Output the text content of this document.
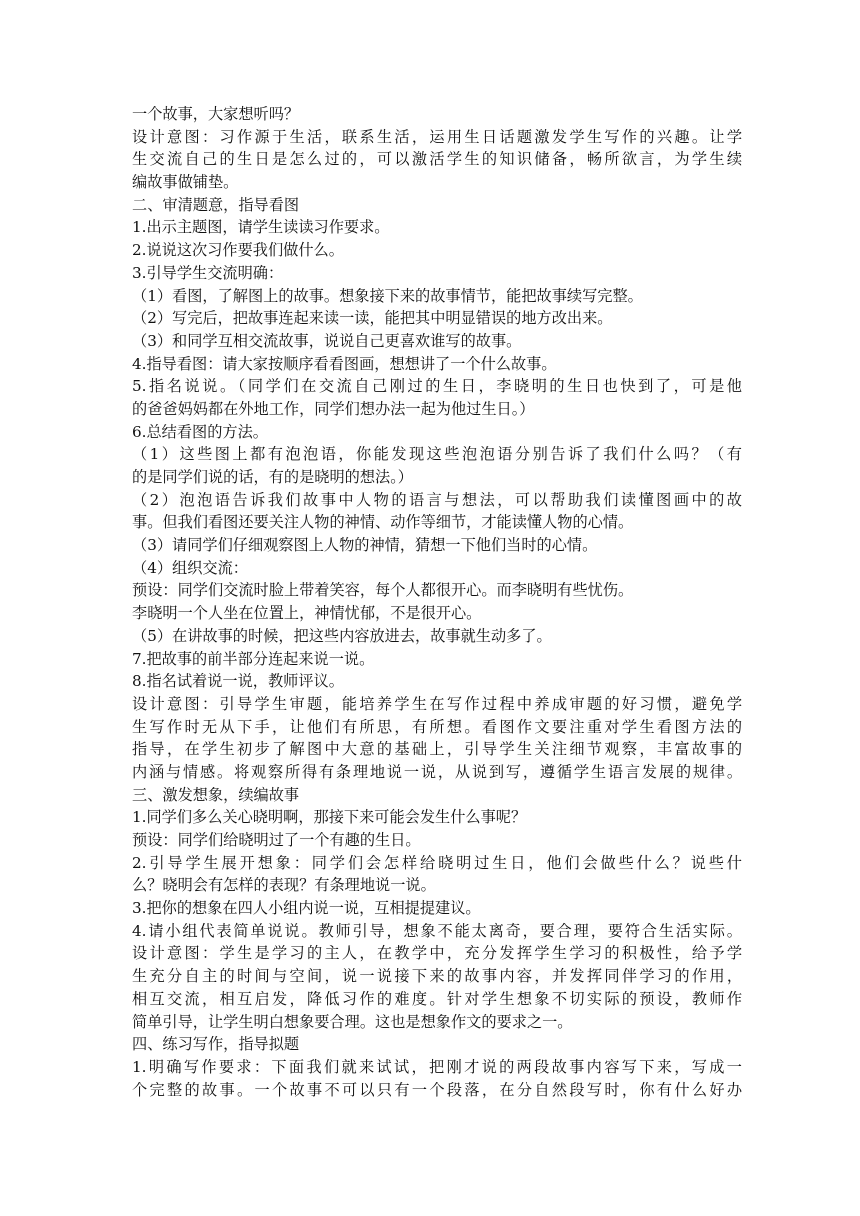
一个故事，大家想听吗？
设计意图：习作源于生活，联系生活，运用生日话题激发学生写作的兴趣。让学
生交流自己的生日是怎么过的，可以激活学生的知识储备，畅所欲言，为学生续
编故事做铺垫。
二、审清题意，指导看图
1.出示主题图，请学生读读习作要求。
2.说说这次习作要我们做什么。
3.引导学生交流明确：
（1）看图，了解图上的故事。想象接下来的故事情节，能把故事续写完整。
（2）写完后，把故事连起来读一读，能把其中明显错误的地方改出来。
（3）和同学互相交流故事，说说自己更喜欢谁写的故事。
4.指导看图：请大家按顺序看看图画，想想讲了一个什么故事。
5.指名说说。（同学们在交流自己刚过的生日，李晓明的生日也快到了，可是他
的爸爸妈妈都在外地工作，同学们想办法一起为他过生日。）
6.总结看图的方法。
（1）这些图上都有泡泡语，你能发现这些泡泡语分别告诉了我们什么吗？（有
的是同学们说的话，有的是晓明的想法。）
（2）泡泡语告诉我们故事中人物的语言与想法，可以帮助我们读懂图画中的故
事。但我们看图还要关注人物的神情、动作等细节，才能读懂人物的心情。
（3）请同学们仔细观察图上人物的神情，猜想一下他们当时的心情。
（4）组织交流：
预设：同学们交流时脸上带着笑容，每个人都很开心。而李晓明有些忧伤。
李晓明一个人坐在位置上，神情忧郁，不是很开心。
（5）在讲故事的时候，把这些内容放进去，故事就生动多了。
7.把故事的前半部分连起来说一说。
8.指名试着说一说，教师评议。
设计意图：引导学生审题，能培养学生在写作过程中养成审题的好习惯，避免学
生写作时无从下手，让他们有所思，有所想。看图作文要注重对学生看图方法的
指导，在学生初步了解图中大意的基础上，引导学生关注细节观察，丰富故事的
内涵与情感。将观察所得有条理地说一说，从说到写，遵循学生语言发展的规律。
三、激发想象，续编故事
1.同学们多么关心晓明啊，那接下来可能会发生什么事呢？
预设：同学们给晓明过了一个有趣的生日。
2.引导学生展开想象：同学们会怎样给晓明过生日，他们会做些什么？说些什
么？晓明会有怎样的表现？有条理地说一说。
3.把你的想象在四人小组内说一说，互相提提建议。
4.请小组代表简单说说。教师引导，想象不能太离奇，要合理，要符合生活实际。
设计意图：学生是学习的主人，在教学中，充分发挥学生学习的积极性，给予学
生充分自主的时间与空间，说一说接下来的故事内容，并发挥同伴学习的作用，
相互交流，相互启发，降低习作的难度。针对学生想象不切实际的预设，教师作
简单引导，让学生明白想象要合理。这也是想象作文的要求之一。
四、练习写作，指导拟题
1.明确写作要求：下面我们就来试试，把刚才说的两段故事内容写下来，写成一
个完整的故事。一个故事不可以只有一个段落，在分自然段写时，你有什么好办
